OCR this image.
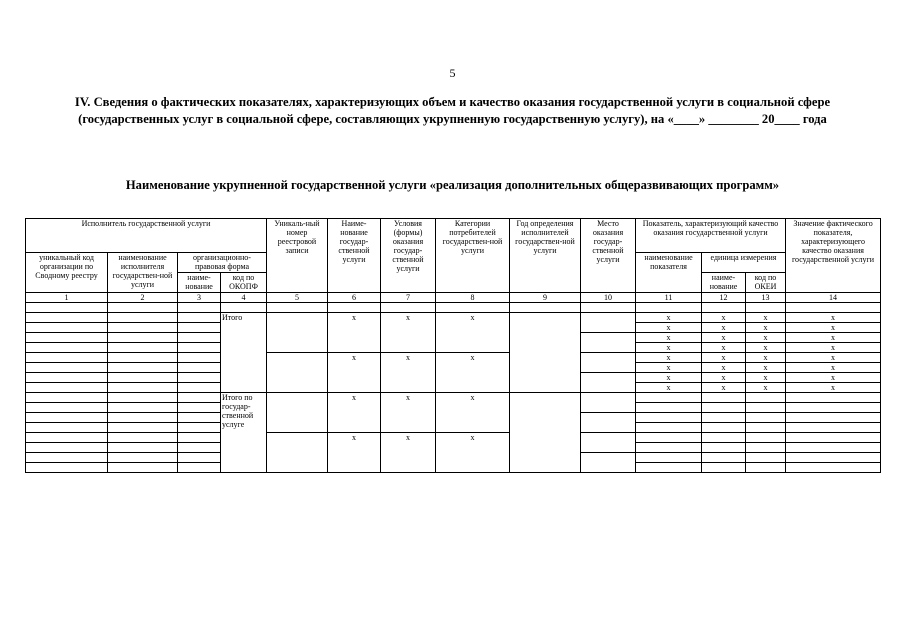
5
IV. Сведения о фактических показателях, характеризующих объем и качество оказания государственной услуги в социальной сфере (государственных услуг в социальной сфере, составляющих укрупненную государственную услугу), на «____» ________ 20____ года
Наименование укрупненной государственной услуги «реализация дополнительных общеразвивающих программ»
Исполнитель государственной услуги				Уникаль-ный номер реестровой записи	Наиме-нование государ-ственной услуги	Условия (формы) оказания государ-ственной услуги	Категории потребителей государствен-ной услуги	Год определения исполнителей государствен-ной услуги	Место оказания государ-ственной услуги	Показатель, характеризующий качество оказания государственной услуги			Значение фактического показателя, характеризующего качество оказания государственной услуги
уникальный код организации по Сводному реестру	наименование исполнителя государствен-ной услуги	организационно-правовая форма								наименование показателя	единица измерения		
		наиме-нование	код по ОКОПФ								наиме-нование	код по ОКЕИ	
1	2	3	4	5	6	7	8	9	10	11	12	13	14

			Итого		x	x	x			x	x	x	x
										x	x	x	x
										x	x	x	x
										x	x	x	x
					x	x	x			x	x	x	x
										x	x	x	x
										x	x	x	x
										x	x	x	x
			Итого по государ-ственной услуге		x	x	x						

					x	x	x						
